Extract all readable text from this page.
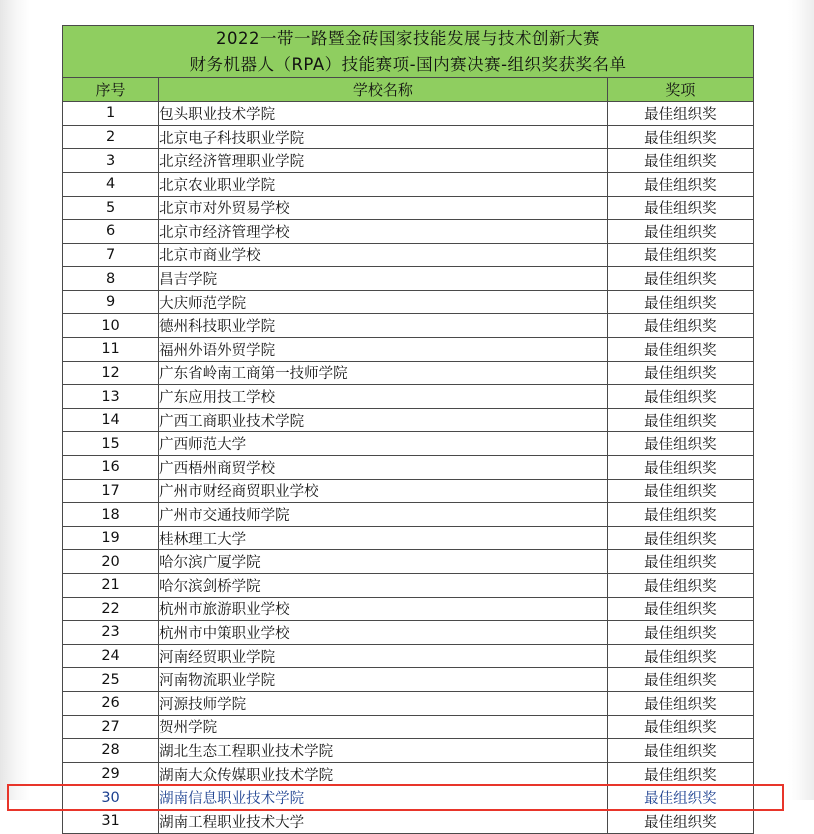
2022一带一路暨金砖国家技能发展与技术创新大赛
财务机器人（RPA）技能赛项-国内赛决赛-组织奖获奖名单		

序号	学校名称	奖项
1	包头职业技术学院	最佳组织奖
2	北京电子科技职业学院	最佳组织奖
3	北京经济管理职业学院	最佳组织奖
4	北京农业职业学院	最佳组织奖
5	北京市对外贸易学校	最佳组织奖
6	北京市经济管理学校	最佳组织奖
7	北京市商业学校	最佳组织奖
8	昌吉学院	最佳组织奖
9	大庆师范学院	最佳组织奖
10	德州科技职业学院	最佳组织奖
11	福州外语外贸学院	最佳组织奖
12	广东省岭南工商第一技师学院	最佳组织奖
13	广东应用技工学校	最佳组织奖
14	广西工商职业技术学院	最佳组织奖
15	广西师范大学	最佳组织奖
16	广西梧州商贸学校	最佳组织奖
17	广州市财经商贸职业学校	最佳组织奖
18	广州市交通技师学院	最佳组织奖
19	桂林理工大学	最佳组织奖
20	哈尔滨广厦学院	最佳组织奖
21	哈尔滨剑桥学院	最佳组织奖
22	杭州市旅游职业学校	最佳组织奖
23	杭州市中策职业学校	最佳组织奖
24	河南经贸职业学院	最佳组织奖
25	河南物流职业学院	最佳组织奖
26	河源技师学院	最佳组织奖
27	贺州学院	最佳组织奖
28	湖北生态工程职业技术学院	最佳组织奖
29	湖南大众传媒职业技术学院	最佳组织奖
30	湖南信息职业技术学院	最佳组织奖
31	湖南工程职业技术大学	最佳组织奖
